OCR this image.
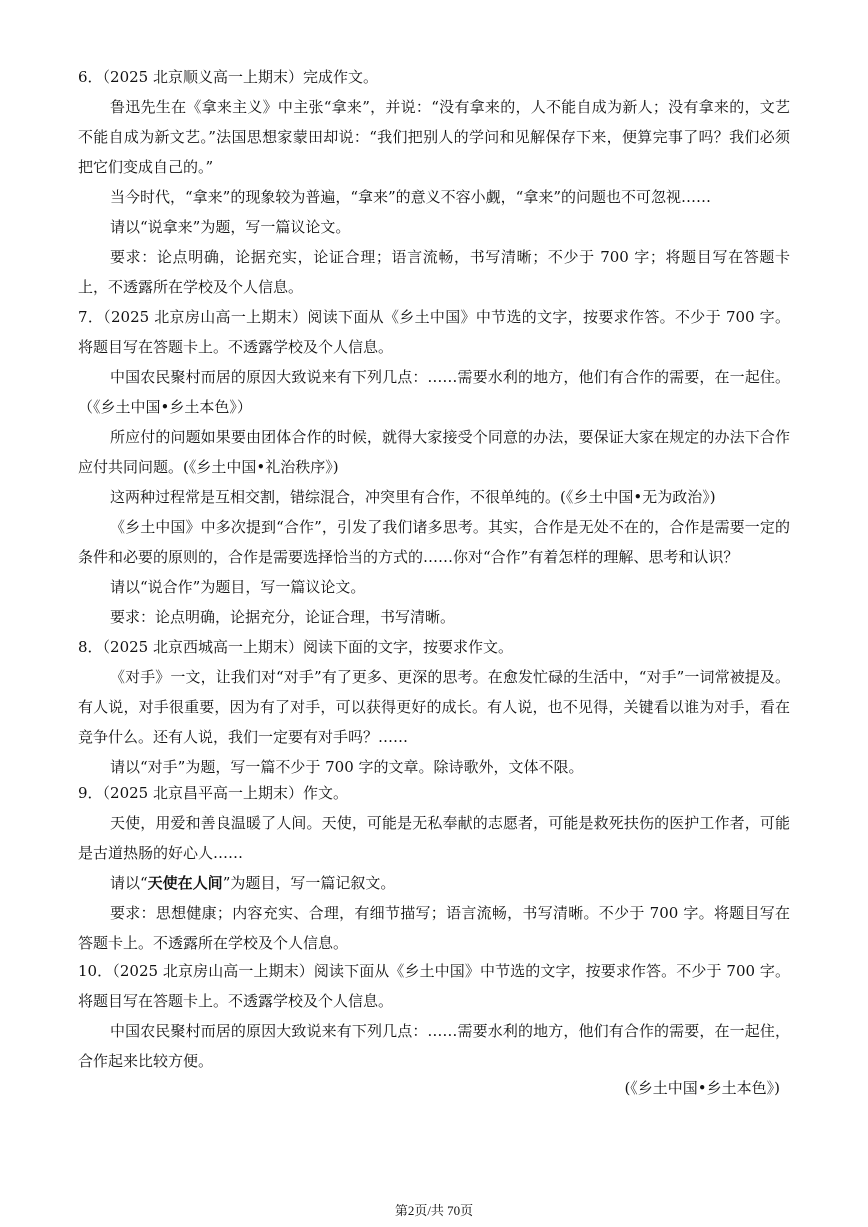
6．（2025 北京顺义高一上期末）完成作文。
鲁迅先生在《拿来主义》中主张“拿来”，并说：“没有拿来的，人不能自成为新人；没有拿来的，文艺不能自成为新文艺。”法国思想家蒙田却说：“我们把别人的学问和见解保存下来，便算完事了吗？我们必须把它们变成自己的。”
当今时代，“拿来”的现象较为普遍，“拿来”的意义不容小觑，“拿来”的问题也不可忽视……
请以“说拿来”为题，写一篇议论文。
要求：论点明确，论据充实，论证合理；语言流畅，书写清晰；不少于 700 字；将题目写在答题卡上，不透露所在学校及个人信息。
7．（2025 北京房山高一上期末）阅读下面从《乡土中国》中节选的文字，按要求作答。不少于 700 字。将题目写在答题卡上。不透露学校及个人信息。
中国农民聚村而居的原因大致说来有下列几点：……需要水利的地方，他们有合作的需要，在一起住。（《乡土中国•乡土本色》）
所应付的问题如果要由团体合作的时候，就得大家接受个同意的办法，要保证大家在规定的办法下合作应付共同问题。(《乡土中国•礼治秩序》)
这两种过程常是互相交割，错综混合，冲突里有合作，不很单纯的。(《乡土中国•无为政治》)
《乡土中国》中多次提到“合作”，引发了我们诸多思考。其实，合作是无处不在的，合作是需要一定的条件和必要的原则的，合作是需要选择恰当的方式的……你对“合作”有着怎样的理解、思考和认识？
请以“说合作”为题目，写一篇议论文。
要求：论点明确，论据充分，论证合理，书写清晰。
8．（2025 北京西城高一上期末）阅读下面的文字，按要求作文。
《对手》一文，让我们对“对手”有了更多、更深的思考。在愈发忙碌的生活中，“对手”一词常被提及。有人说，对手很重要，因为有了对手，可以获得更好的成长。有人说，也不见得，关键看以谁为对手，看在竞争什么。还有人说，我们一定要有对手吗？……
请以“对手”为题，写一篇不少于 700 字的文章。除诗歌外，文体不限。
9．（2025 北京昌平高一上期末）作文。
天使，用爱和善良温暖了人间。天使，可能是无私奉献的志愿者，可能是救死扶伤的医护工作者，可能是古道热肠的好心人……
请以“天使在人间”为题目，写一篇记叙文。
要求：思想健康；内容充实、合理，有细节描写；语言流畅，书写清晰。不少于 700 字。将题目写在答题卡上。不透露所在学校及个人信息。
10．（2025 北京房山高一上期末）阅读下面从《乡土中国》中节选的文字，按要求作答。不少于 700 字。将题目写在答题卡上。不透露学校及个人信息。
中国农民聚村而居的原因大致说来有下列几点：……需要水利的地方，他们有合作的需要，在一起住，合作起来比较方便。
(《乡土中国•乡土本色》)
第2页/共 70页
